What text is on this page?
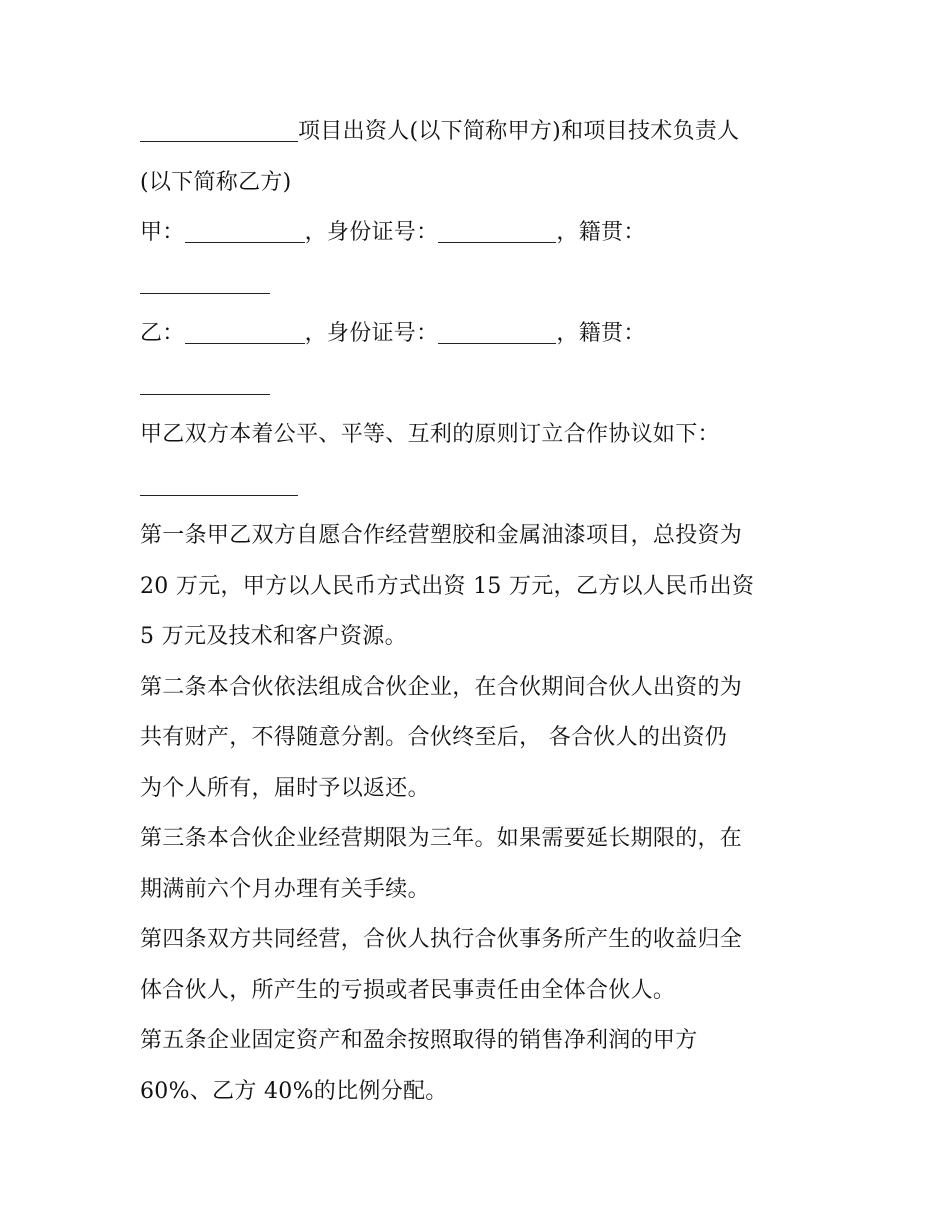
项目出资人(以下简称甲方)和项目技术负责人
(以下简称乙方)
甲：	，身份证号：	，籍贯：
乙：	，身份证号：	，籍贯：
甲乙双方本着公平、平等、互利的原则订立合作协议如下：
第一条甲乙双方自愿合作经营塑胶和金属油漆项目，总投资为
20 万元，甲方以人民币方式出资 15 万元，乙方以人民币出资
5 万元及技术和客户资源。
第二条本合伙依法组成合伙企业，在合伙期间合伙人出资的为
共有财产，不得随意分割。合伙终至后， 各合伙人的出资仍
为个人所有，届时予以返还。
第三条本合伙企业经营期限为三年。如果需要延长期限的，在
期满前六个月办理有关手续。
第四条双方共同经营，合伙人执行合伙事务所产生的收益归全
体合伙人，所产生的亏损或者民事责任由全体合伙人。
第五条企业固定资产和盈余按照取得的销售净利润的甲方
60%、乙方 40%的比例分配。
